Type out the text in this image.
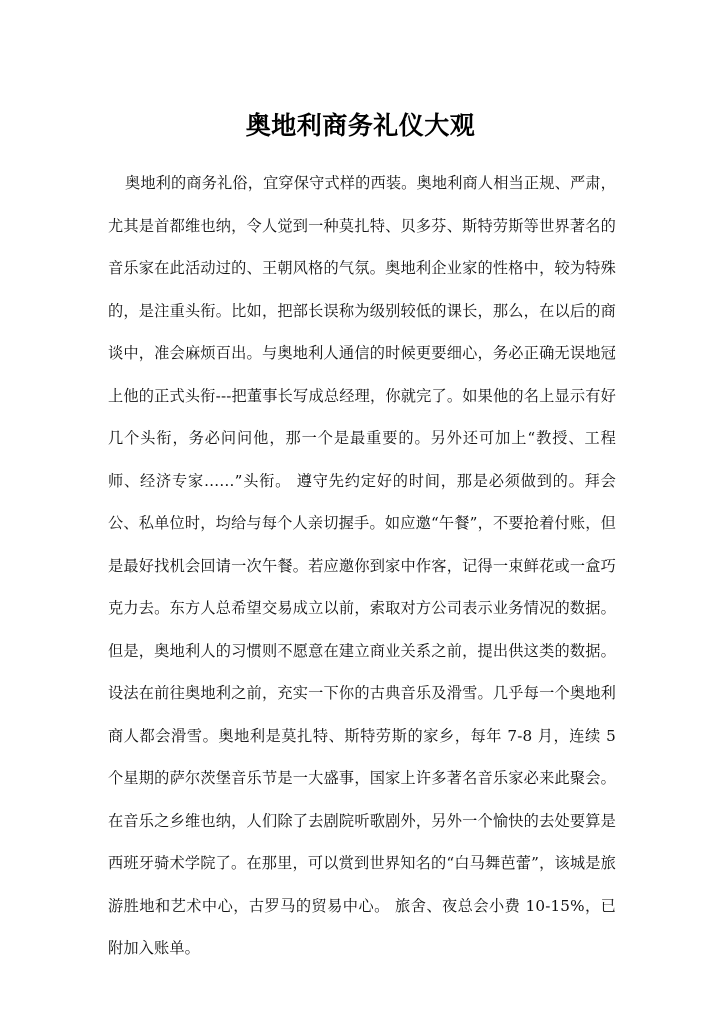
奥地利商务礼仪大观

奥地利的商务礼俗，宜穿保守式样的西装。奥地利商人相当正规、严肃，尤其是首都维也纳，令人觉到一种莫扎特、贝多芬、斯特劳斯等世界著名的音乐家在此活动过的、王朝风格的气氛。奥地利企业家的性格中，较为特殊的，是注重头衔。比如，把部长误称为级别较低的课长，那么，在以后的商谈中，准会麻烦百出。与奥地利人通信的时候更要细心，务必正确无误地冠上他的正式头衔---把董事长写成总经理，你就完了。如果他的名上显示有好几个头衔，务必问问他，那一个是最重要的。另外还可加上“教授、工程师、经济专家……”头衔。 遵守先约定好的时间，那是必须做到的。拜会公、私单位时，均给与每个人亲切握手。如应邀“午餐”，不要抢着付账，但是最好找机会回请一次午餐。若应邀你到家中作客，记得一束鲜花或一盒巧克力去。东方人总希望交易成立以前，索取对方公司表示业务情况的数据。但是，奥地利人的习惯则不愿意在建立商业关系之前，提出供这类的数据。 设法在前往奥地利之前，充实一下你的古典音乐及滑雪。几乎每一个奥地利商人都会滑雪。奥地利是莫扎特、斯特劳斯的家乡，每年 7-8 月，连续 5 个星期的萨尔茨堡音乐节是一大盛事，国家上许多著名音乐家必来此聚会。在音乐之乡维也纳，人们除了去剧院听歌剧外，另外一个愉快的去处要算是西班牙骑术学院了。在那里，可以赏到世界知名的“白马舞芭蕾”，该城是旅游胜地和艺术中心，古罗马的贸易中心。 旅舍、夜总会小费 10-15%，已附加入账单。
